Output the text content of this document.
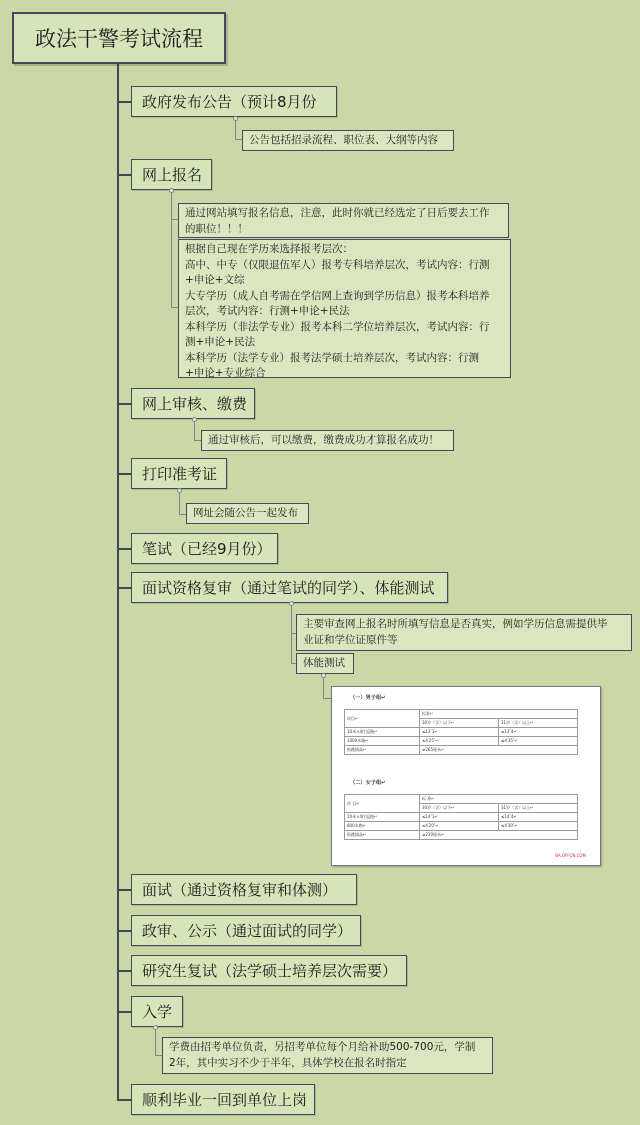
政法干警考试流程
政府发布公告（预计8月份
公告包括招录流程、职位表、大纲等内容
网上报名
通过网站填写报名信息，注意，此时你就已经选定了日后要去工作
的职位！！！
根据自己现在学历来选择报考层次：
高中、中专（仅限退伍军人）报考专科培养层次，考试内容：行测
+申论+文综
大专学历（成人自考需在学信网上查询到学历信息）报考本科培养
层次，考试内容：行测+申论+民法
本科学历（非法学专业）报考本科二学位培养层次，考试内容：行
测+申论+民法
本科学历（法学专业）报考法学硕士培养层次，考试内容：行测
+申论+专业综合
网上审核、缴费
通过审核后，可以缴费，缴费成功才算报名成功！
打印准考证
网址会随公告一起发布
笔试（已经9月份）
面试资格复审（通过笔试的同学）、体能测试
主要审查网上报名时所填写信息是否真实，例如学历信息需提供毕
业证和学位证原件等
体能测试
（一）男子组↵
项目↵	标准↵	
	30岁（含）以下↵	31岁（含）以上↵
10米×4往返跑↵	≤13″1↵	≤13″4↵
1000米跑↵	≤4′25″↵	≤4′35″↵
纵跳摸高↵	≥265厘米↵	
（二）女子组↵
项 目↵	标 准↵	
	30岁（含）以下↵	31岁（含）以上↵
10米×4往返跑↵	≤14″1↵	≤14″4↵
800米跑↵	≤4′20″↵	≤4′30″↵
纵跳摸高↵	≥230厘米↵	
BA.OFFCN.COM
面试（通过资格复审和体测）
政审、公示（通过面试的同学）
研究生复试（法学硕士培养层次需要）
入学
学费由招考单位负责，另招考单位每个月给补助500-700元，学制
2年，其中实习不少于半年，具体学校在报名时指定
顺利毕业一回到单位上岗
